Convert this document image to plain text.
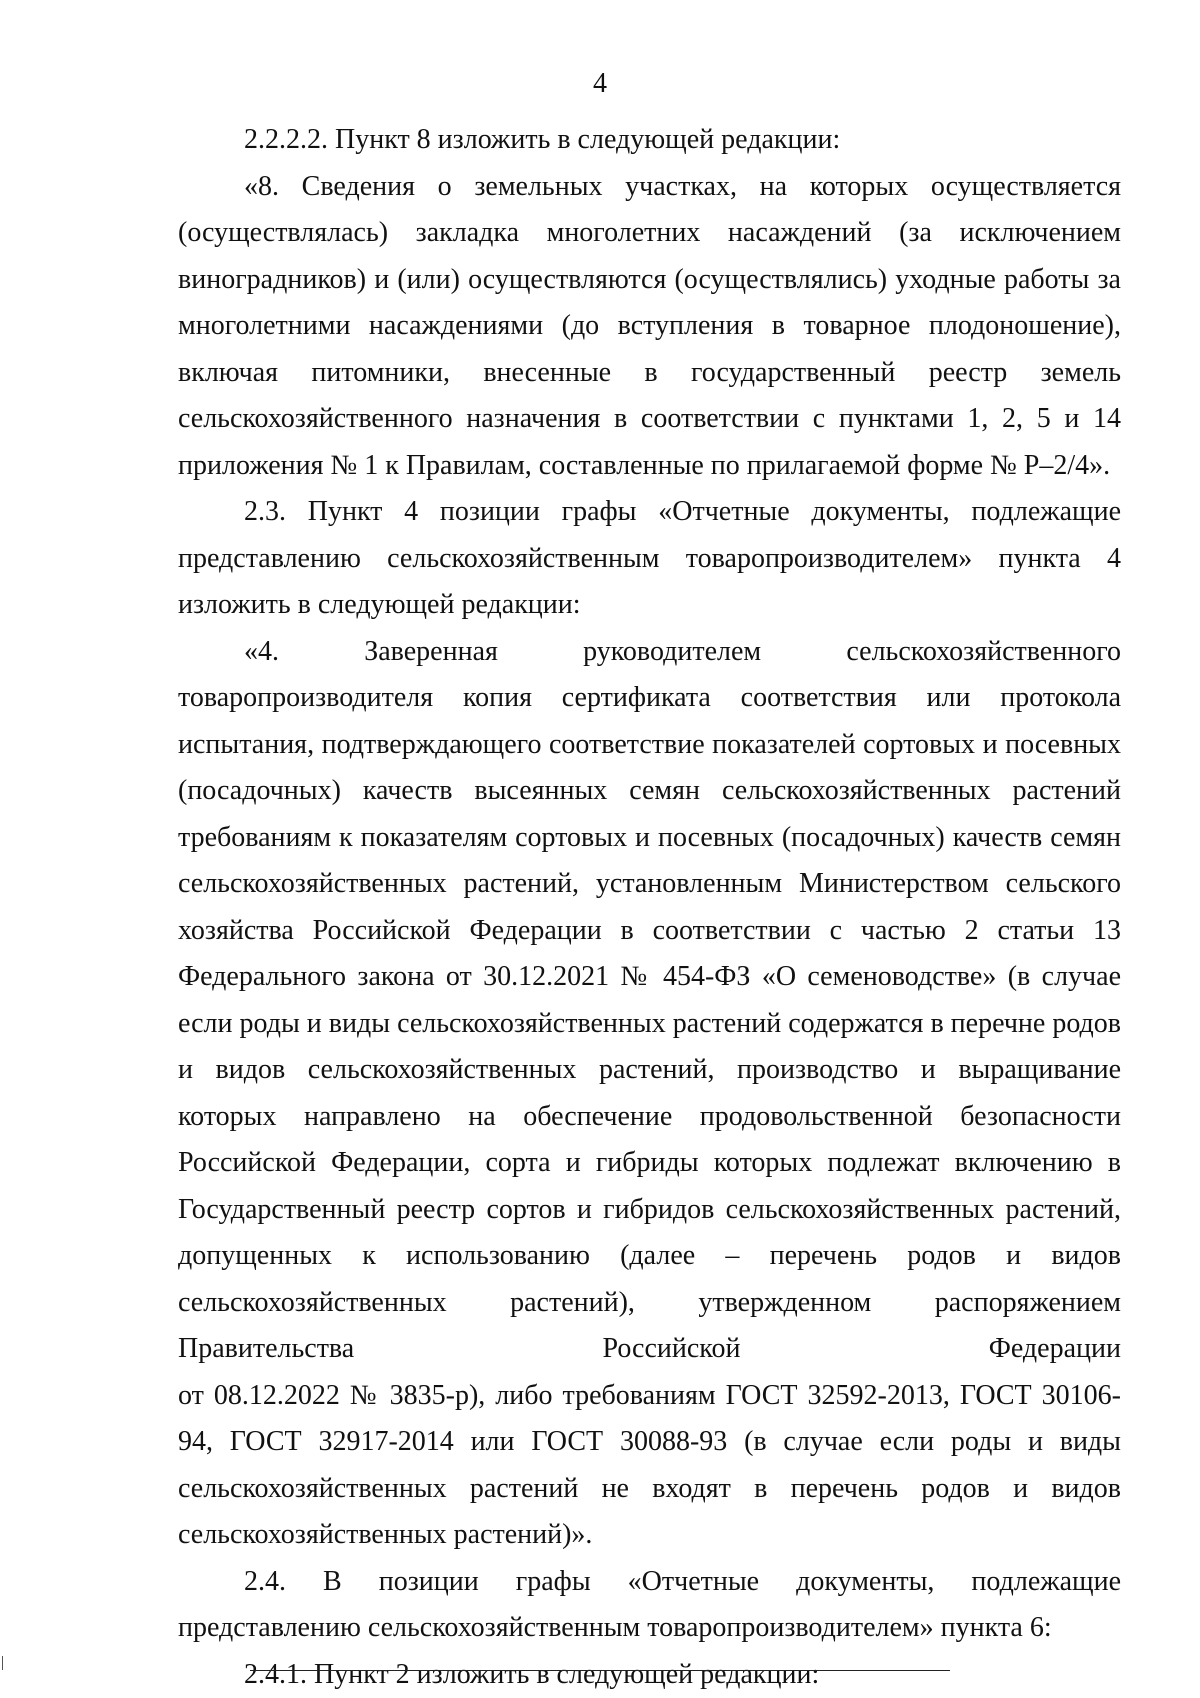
4

2.2.2.2. Пункт 8 изложить в следующей редакции:

«8. Сведения о земельных участках, на которых осуществляется (осуществлялась) закладка многолетних насаждений (за исключением виноградников) и (или) осуществляются (осуществлялись) уходные работы за многолетними насаждениями (до вступления в товарное плодоношение), включая питомники, внесенные в государственный реестр земель сельскохозяйственного назначения в соответствии с пунктами 1, 2, 5 и 14 приложения № 1 к Правилам, составленные по прилагаемой форме № Р–2/4».

2.3. Пункт 4 позиции графы «Отчетные документы, подлежащие представлению сельскохозяйственным товаропроизводителем» пункта 4 изложить в следующей редакции:

«4. Заверенная руководителем сельскохозяйственного товаропроизводителя копия сертификата соответствия или протокола испытания, подтверждающего соответствие показателей сортовых и посевных (посадочных) качеств высеянных семян сельскохозяйственных растений требованиям к показателям сортовых и посевных (посадочных) качеств семян сельскохозяйственных растений, установленным Министерством сельского хозяйства Российской Федерации в соответствии с частью 2 статьи 13 Федерального закона от 30.12.2021 № 454-ФЗ «О семеноводстве» (в случае если роды и виды сельскохозяйственных растений содержатся в перечне родов и видов сельскохозяйственных растений, производство и выращивание которых направлено на обеспечение продовольственной безопасности Российской Федерации, сорта и гибриды которых подлежат включению в Государственный реестр сортов и гибридов сельскохозяйственных растений, допущенных к использованию (далее – перечень родов и видов сельскохозяйственных растений), утвержденном распоряжением Правительства Российской Федерации

от 08.12.2022 № 3835-р), либо требованиям ГОСТ 32592-2013, ГОСТ 30106-94, ГОСТ 32917-2014 или ГОСТ 30088-93 (в случае если роды и виды сельскохозяйственных растений не входят в перечень родов и видов сельскохозяйственных растений)».

2.4. В позиции графы «Отчетные документы, подлежащие представлению сельскохозяйственным товаропроизводителем» пункта 6:

2.4.1. Пункт 2 изложить в следующей редакции:
